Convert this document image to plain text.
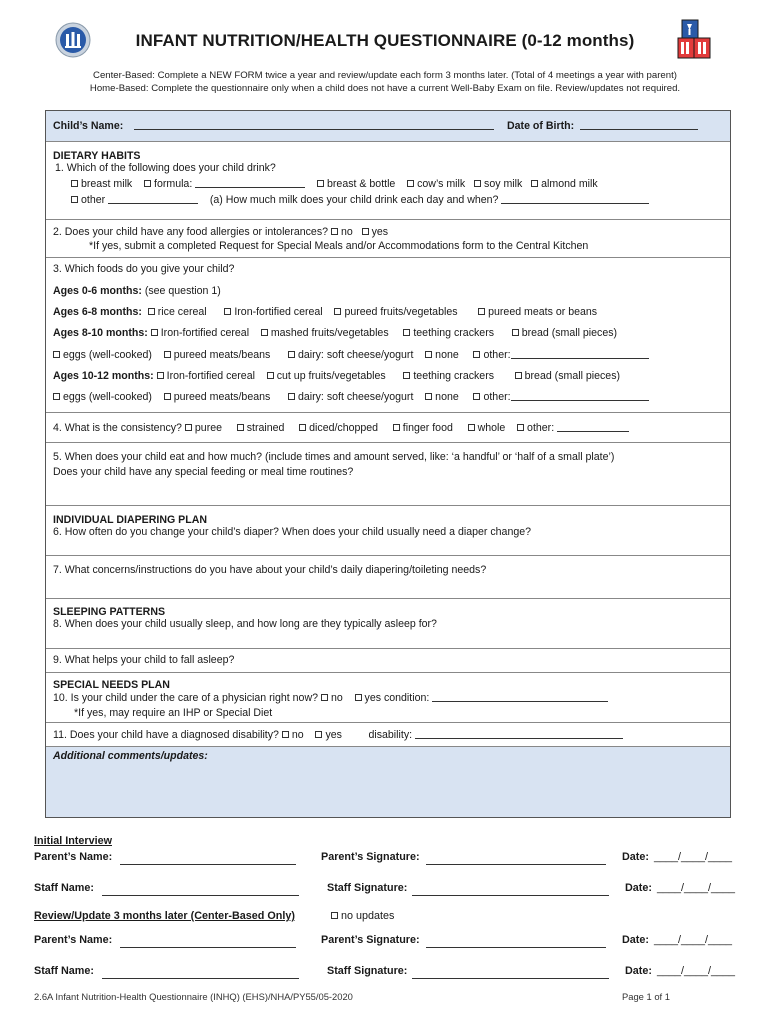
INFANT NUTRITION/HEALTH QUESTIONNAIRE (0-12 months)
Center-Based: Complete a NEW FORM twice a year and review/update each form 3 months later. (Total of 4 meetings a year with parent)
Home-Based: Complete the questionnaire only when a child does not have a current Well-Baby Exam on file. Review/updates not required.
Child’s Name:	Date of Birth:
DIETARY HABITS
1. Which of the following does your child drink?
breast milk formula:	breast & bottle cow’s milk soy milk almond milk
other	(a) How much milk does your child drink each day and when?
2. Does your child have any food allergies or intolerances? no yes
*If yes, submit a completed Request for Special Meals and/or Accommodations form to the Central Kitchen
3. Which foods do you give your child?
Ages 0-6 months: (see question 1)
Ages 6-8 months: rice cereal	Iron-fortified cereal pureed fruits/vegetables	pureed meats or beans
Ages 8-10 months: Iron-fortified cereal mashed fruits/vegetables teething crackers	bread (small pieces)
eggs (well-cooked) pureed meats/beans	dairy: soft cheese/yogurt none other:
Ages 10-12 months: Iron-fortified cereal cut up fruits/vegetables	teething crackers	bread (small pieces)
eggs (well-cooked) pureed meats/beans	dairy: soft cheese/yogurt none other:
4. What is the consistency? puree strained diced/chopped finger food whole other:
5. When does your child eat and how much? (include times and amount served, like: ‘a handful’ or ‘half of a small plate’)
Does your child have any special feeding or meal time routines?
INDIVIDUAL DIAPERING PLAN
6. How often do you change your child’s diaper? When does your child usually need a diaper change?
7. What concerns/instructions do you have about your child’s daily diapering/toileting needs?
SLEEPING PATTERNS
8. When does your child usually sleep, and how long are they typically asleep for?
9. What helps your child to fall asleep?
SPECIAL NEEDS PLAN
10. Is your child under the care of a physician right now? no yes condition:
*If yes, may require an IHP or Special Diet
11. Does your child have a diagnosed disability? no yes	disability:
Additional comments/updates:
Initial Interview
Parent’s Name:	Parent’s Signature:	Date: ____/____/____
Staff Name:	Staff Signature:	Date: ____/____/____
Review/Update 3 months later (Center-Based Only)	no updates
Parent’s Name:	Parent’s Signature:	Date: ____/____/____
Staff Name:	Staff Signature:	Date: ____/____/____
2.6A Infant Nutrition-Health Questionnaire (INHQ) (EHS)/NHA/PY55/05-2020	Page 1 of 1
